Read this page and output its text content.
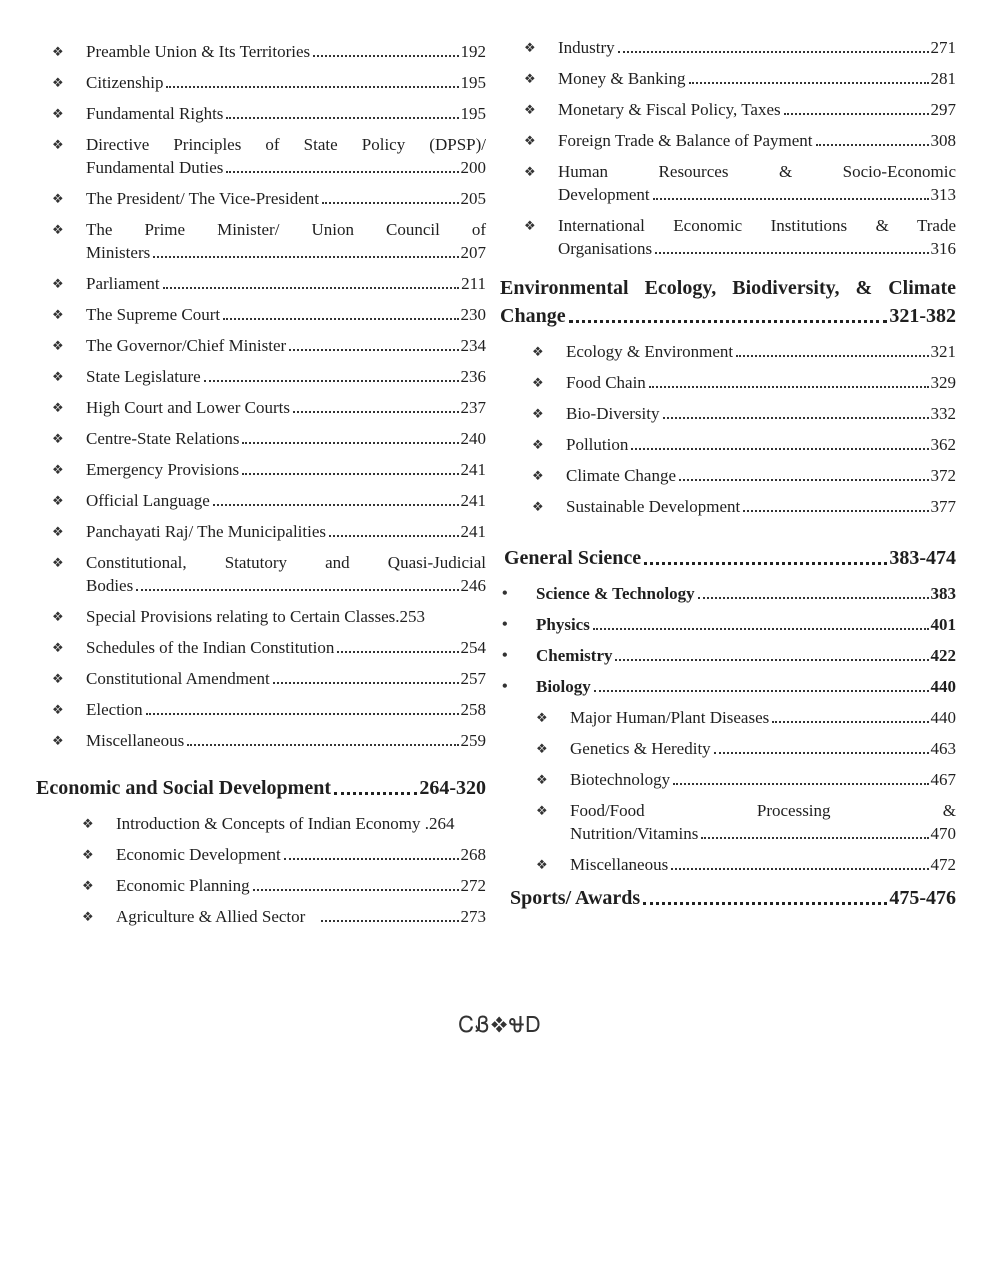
❖	Preamble Union & Its Territories	192
❖	Citizenship	195
❖	Fundamental Rights	195
❖	Directive Principles of State Policy (DPSP)/
Fundamental Duties	200
❖	The President/ The Vice-President	205
❖	The Prime Minister/ Union Council of
Ministers	207
❖	Parliament	211
❖	The Supreme Court	230
❖	The Governor/Chief Minister	234
❖	State Legislature	236
❖	High Court and Lower Courts	237
❖	Centre-State Relations	240
❖	Emergency Provisions	241
❖	Official Language	241
❖	Panchayati Raj/ The Municipalities	241
❖	Constitutional, Statutory and Quasi-Judicial
Bodies	246
❖	Special Provisions relating to Certain Classes. 253
❖	Schedules of the Indian Constitution	254
❖	Constitutional Amendment	257
❖	Election	258
❖	Miscellaneous	259
Economic and Social Development	264-320
❖	Introduction & Concepts of Indian Economy . 264
❖	Economic Development	268
❖	Economic Planning	272
❖	Agriculture & Allied Sector	273
❖	Industry	271
❖	Money & Banking	281
❖	Monetary & Fiscal Policy, Taxes	297
❖	Foreign Trade & Balance of Payment	308
❖	Human Resources & Socio-Economic
Development	313
❖	International Economic Institutions & Trade
Organisations	316
Environmental Ecology, Biodiversity, & Climate
Change	321-382
❖	Ecology & Environment	321
❖	Food Chain	329
❖	Bio-Diversity	332
❖	Pollution	362
❖	Climate Change	372
❖	Sustainable Development	377
General Science	383-474
•	Science & Technology	383
•	Physics	401
•	Chemistry	422
•	Biology	440
❖	Major Human/Plant Diseases	440
❖	Genetics & Heredity	463
❖	Biotechnology	467
❖	Food/Food Processing &
Nutrition/Vitamins	470
❖	Miscellaneous	472
Sports/ Awards	475-476
ᏟᏰ❖ᏠᎠ
